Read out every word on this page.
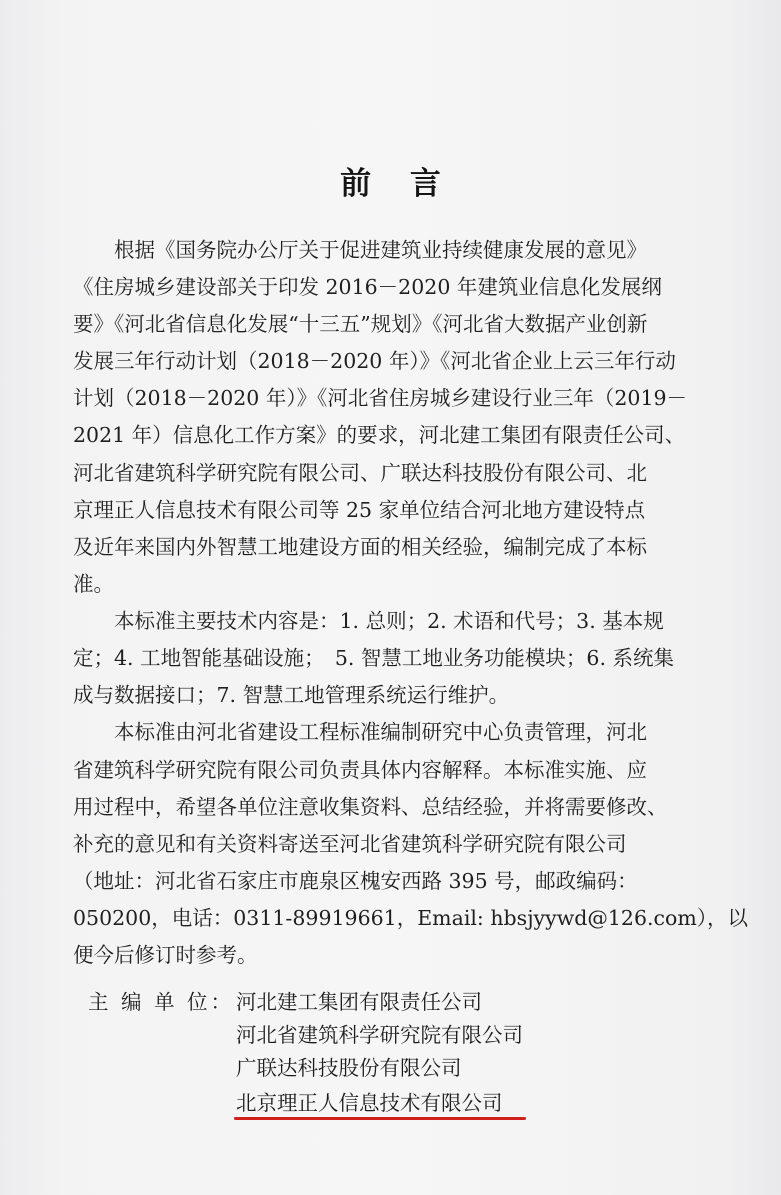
前 言

　　根据《国务院办公厅关于促进建筑业持续健康发展的意见》

《住房城乡建设部关于印发 2016－2020 年建筑业信息化发展纲

要》《河北省信息化发展“十三五”规划》《河北省大数据产业创新

发展三年行动计划（2018－2020 年）》《河北省企业上云三年行动

计划（2018－2020 年）》《河北省住房城乡建设行业三年（2019－

2021 年）信息化工作方案》的要求，河北建工集团有限责任公司、

河北省建筑科学研究院有限公司、广联达科技股份有限公司、北

京理正人信息技术有限公司等 25 家单位结合河北地方建设特点

及近年来国内外智慧工地建设方面的相关经验，编制完成了本标

准。

　　本标准主要技术内容是：1. 总则；2. 术语和代号；3. 基本规

定；4. 工地智能基础设施；　5. 智慧工地业务功能模块；6. 系统集

成与数据接口；7. 智慧工地管理系统运行维护。

　　本标准由河北省建设工程标准编制研究中心负责管理，河北

省建筑科学研究院有限公司负责具体内容解释。本标准实施、应

用过程中，希望各单位注意收集资料、总结经验，并将需要修改、

补充的意见和有关资料寄送至河北省建筑科学研究院有限公司

（地址：河北省石家庄市鹿泉区槐安西路 395 号，邮政编码：

050200，电话：0311-89919661，Email: hbsjyywd@126.com），以

便今后修订时参考。

主 编 单 位： 河北建工集团有限责任公司
河北省建筑科学研究院有限公司
广联达科技股份有限公司
北京理正人信息技术有限公司
